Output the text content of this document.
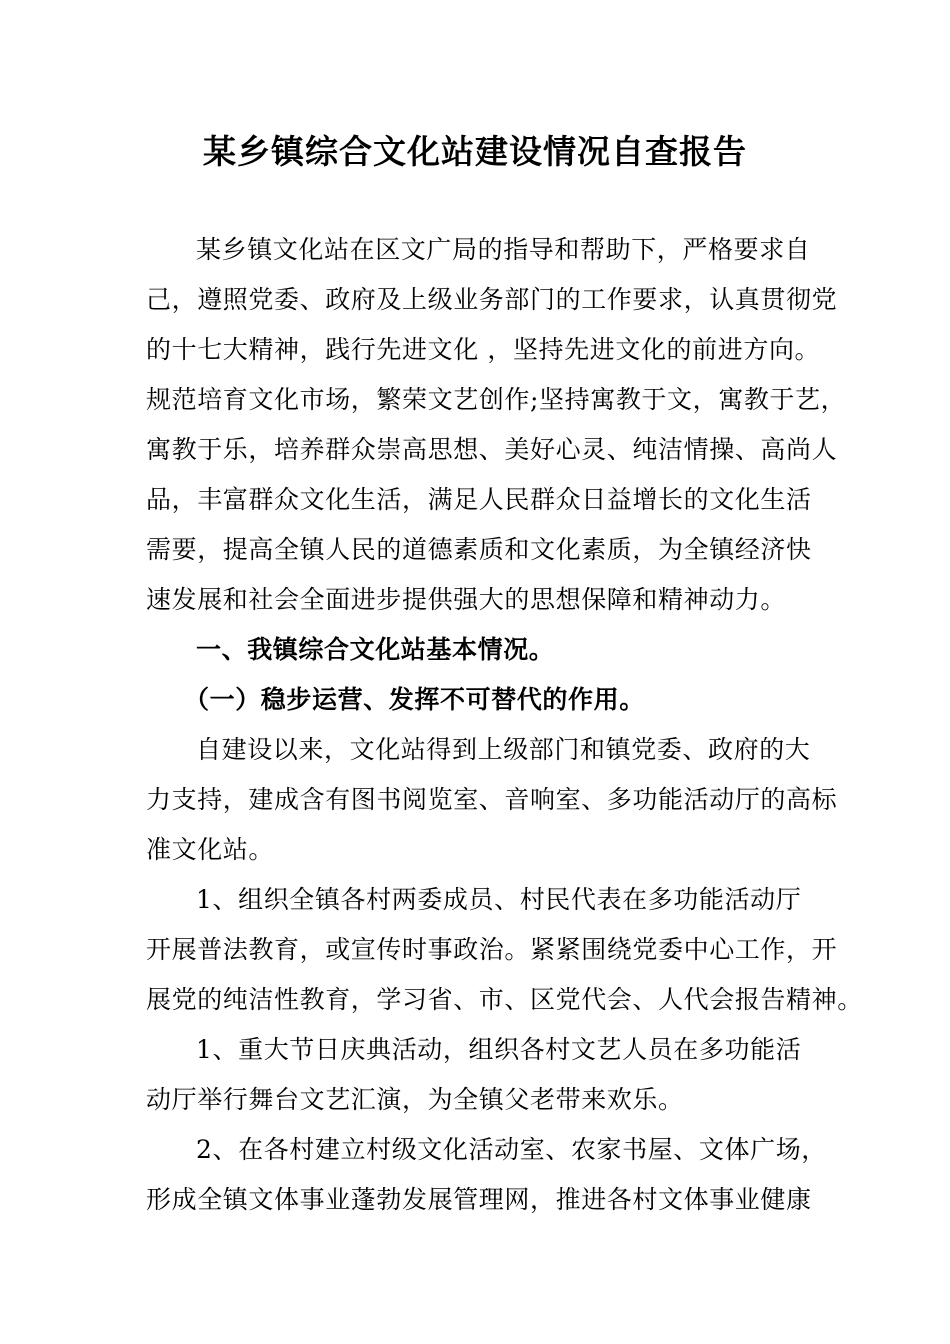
某乡镇综合文化站建设情况自查报告
某乡镇文化站在区文广局的指导和帮助下，严格要求自
己，遵照党委、政府及上级业务部门的工作要求，认真贯彻党
的十七大精神，践行先进文化 ，坚持先进文化的前进方向。
规范培育文化市场，繁荣文艺创作;坚持寓教于文，寓教于艺，
寓教于乐，培养群众崇高思想、美好心灵、纯洁情操、高尚人
品，丰富群众文化生活，满足人民群众日益增长的文化生活
需要，提高全镇人民的道德素质和文化素质，为全镇经济快
速发展和社会全面进步提供强大的思想保障和精神动力。
一、我镇综合文化站基本情况。
（一）稳步运营、发挥不可替代的作用。
自建设以来，文化站得到上级部门和镇党委、政府的大
力支持，建成含有图书阅览室、音响室、多功能活动厅的高标
准文化站。
1、组织全镇各村两委成员、村民代表在多功能活动厅
开展普法教育，或宣传时事政治。紧紧围绕党委中心工作，开
展党的纯洁性教育，学习省、市、区党代会、人代会报告精神。
1、重大节日庆典活动，组织各村文艺人员在多功能活
动厅举行舞台文艺汇演，为全镇父老带来欢乐。
2、在各村建立村级文化活动室、农家书屋、文体广场，
形成全镇文体事业蓬勃发展管理网，推进各村文体事业健康
